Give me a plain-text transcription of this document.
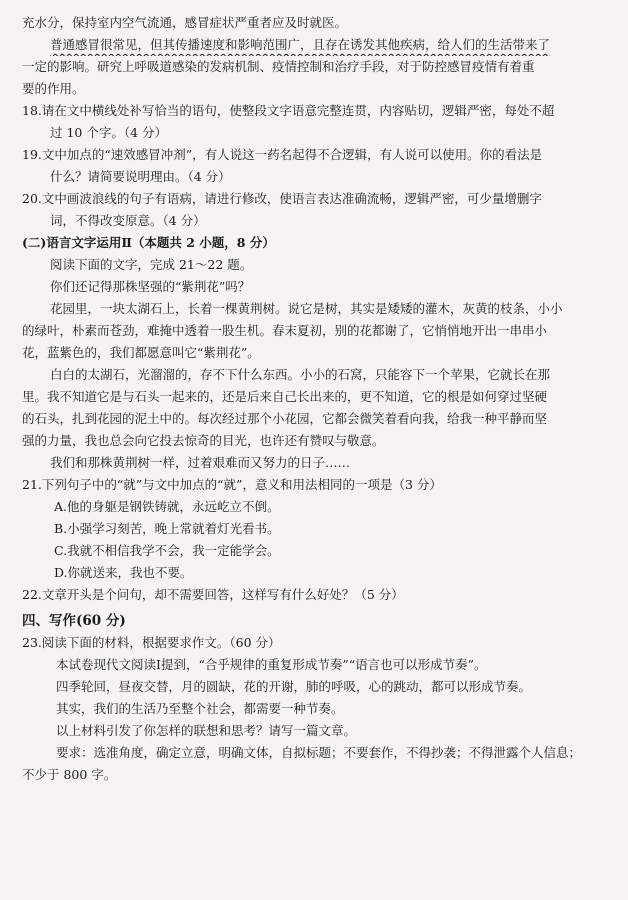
充水分，保持室内空气流通，感冒症状严重者应及时就医。
普通感冒很常见，但其传播速度和影响范围广，且存在诱发其他疾病，给人们的生活带来了
一定的影响。研究上呼吸道感染的发病机制、疫情控制和治疗手段，对于防控感冒疫情有着重
要的作用。
18.请在文中横线处补写恰当的语句，使整段文字语意完整连贯，内容贴切，逻辑严密，每处不超
过 10 个字。（4 分）
19.文中加点的“速效感冒冲剂”，有人说这一药名起得不合逻辑，有人说可以使用。你的看法是
什么？请简要说明理由。（4 分）
20.文中画波浪线的句子有语病，请进行修改，使语言表达准确流畅，逻辑严密，可少量增删字
词，不得改变原意。（4 分）
(二)语言文字运用Ⅱ（本题共 2 小题，8 分）
阅读下面的文字，完成 21～22 题。
你们还记得那株坚强的“紫荆花”吗？
花园里，一块太湖石上，长着一棵黄荆树。说它是树，其实是矮矮的灌木，灰黄的枝条，小小
的绿叶，朴素而苍劲，难掩中透着一股生机。春末夏初，别的花都谢了，它悄悄地开出一串串小
花，蓝紫色的，我们都愿意叫它“紫荆花”。
白白的太湖石，光溜溜的，存不下什么东西。小小的石窝，只能容下一个苹果，它就长在那
里。我不知道它是与石头一起来的，还是后来自己长出来的，更不知道，它的根是如何穿过坚硬
的石头，扎到花园的泥土中的。每次经过那个小花园，它都会微笑着看向我，给我一种平静而坚
强的力量，我也总会向它投去惊奇的目光，也许还有赞叹与敬意。
我们和那株黄荆树一样，过着艰难而又努力的日子……
21.下列句子中的“就”与文中加点的“就”，意义和用法相同的一项是（3 分）
A.他的身躯是钢铁铸就，永远屹立不倒。
B.小强学习刻苦，晚上常就着灯光看书。
C.我就不相信我学不会，我一定能学会。
D.你就送来，我也不要。
22.文章开头是个问句，却不需要回答，这样写有什么好处？（5 分）
四、写作(60 分)
23.阅读下面的材料，根据要求作文。（60 分）
本试卷现代文阅读Ⅰ提到，“合乎规律的重复形成节奏”“语言也可以形成节奏”。
四季轮回，昼夜交替，月的圆缺，花的开谢，肺的呼吸，心的跳动，都可以形成节奏。
其实，我们的生活乃至整个社会，都需要一种节奏。
以上材料引发了你怎样的联想和思考？请写一篇文章。
要求：选准角度，确定立意，明确文体，自拟标题；不要套作，不得抄袭；不得泄露个人信息；
不少于 800 字。
